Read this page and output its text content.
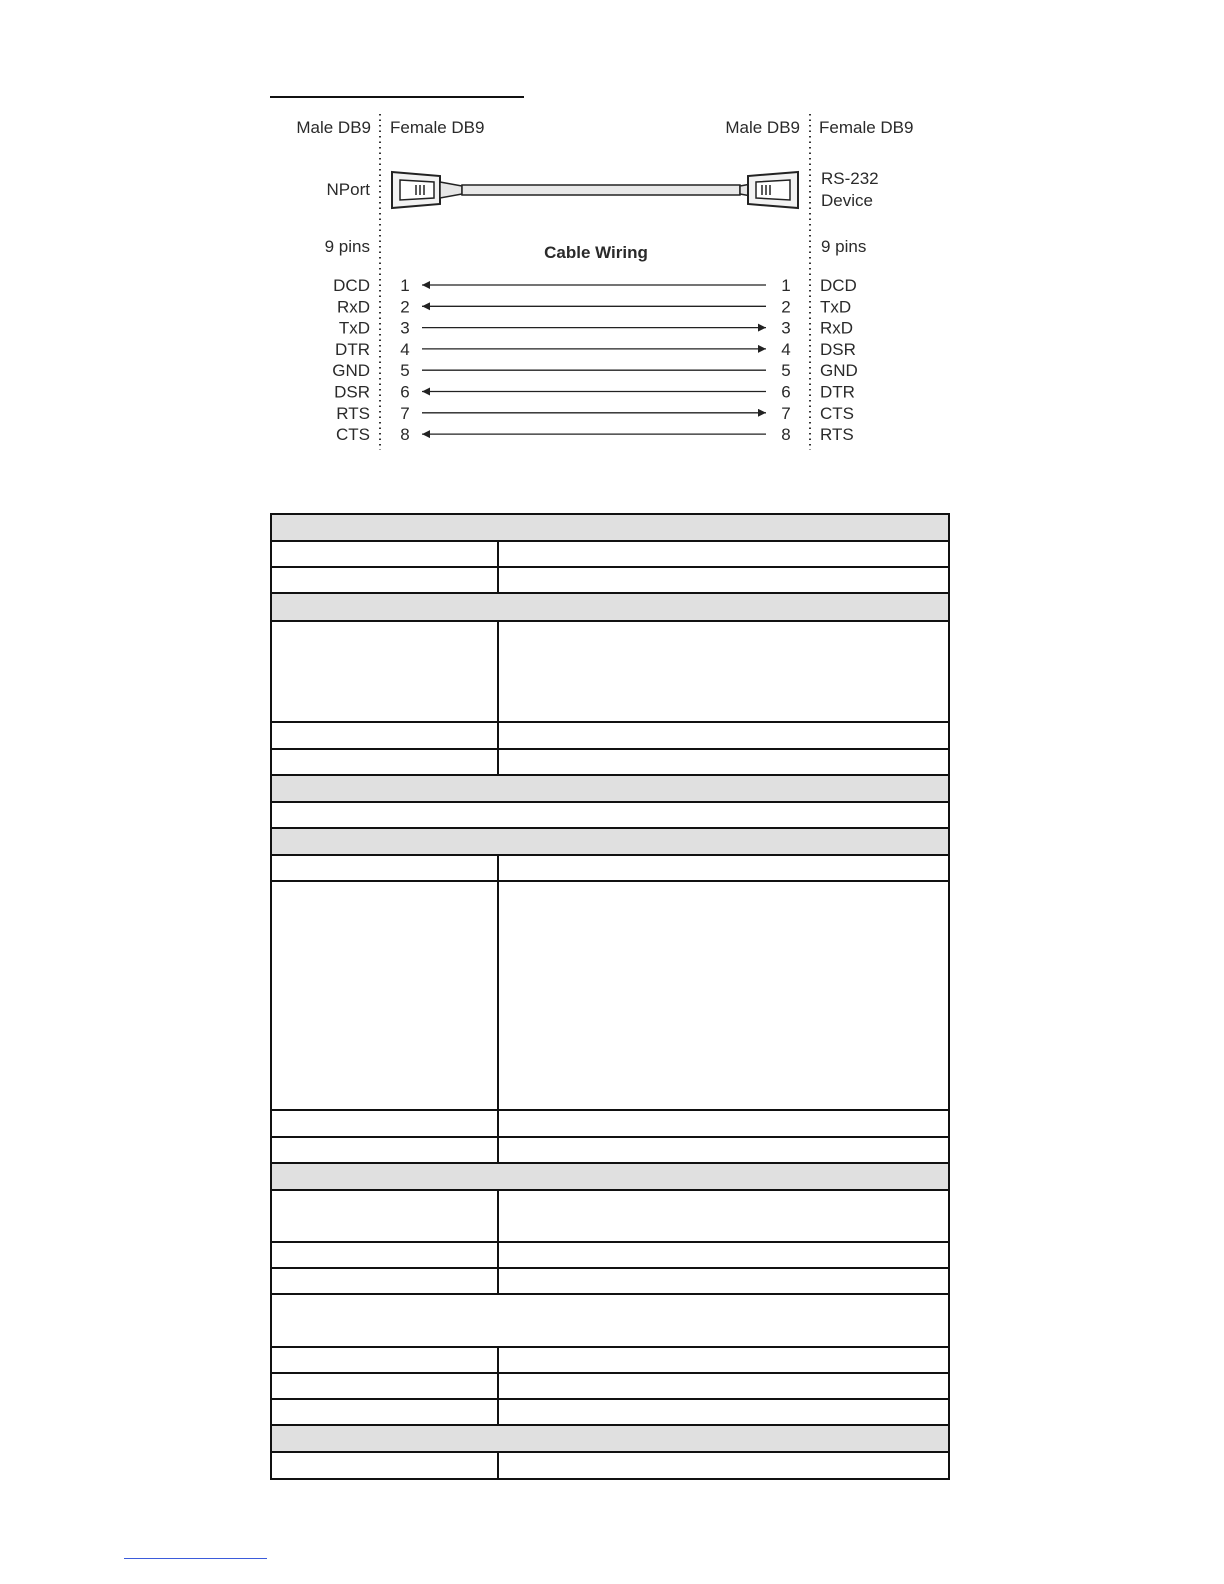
Male DB9 Female DB9	Male DB9 Female DB9
NPort
RS-232
Device
9 pins	9 pins
Cable Wiring
DCD 1	1 DCD
RxD 2	2 TxD
TxD 3	3 RxD
DTR 4	4 DSR
GND 5	5 GND
DSR 6	6 DTR
RTS 7	7 CTS
CTS 8	8 RTS
